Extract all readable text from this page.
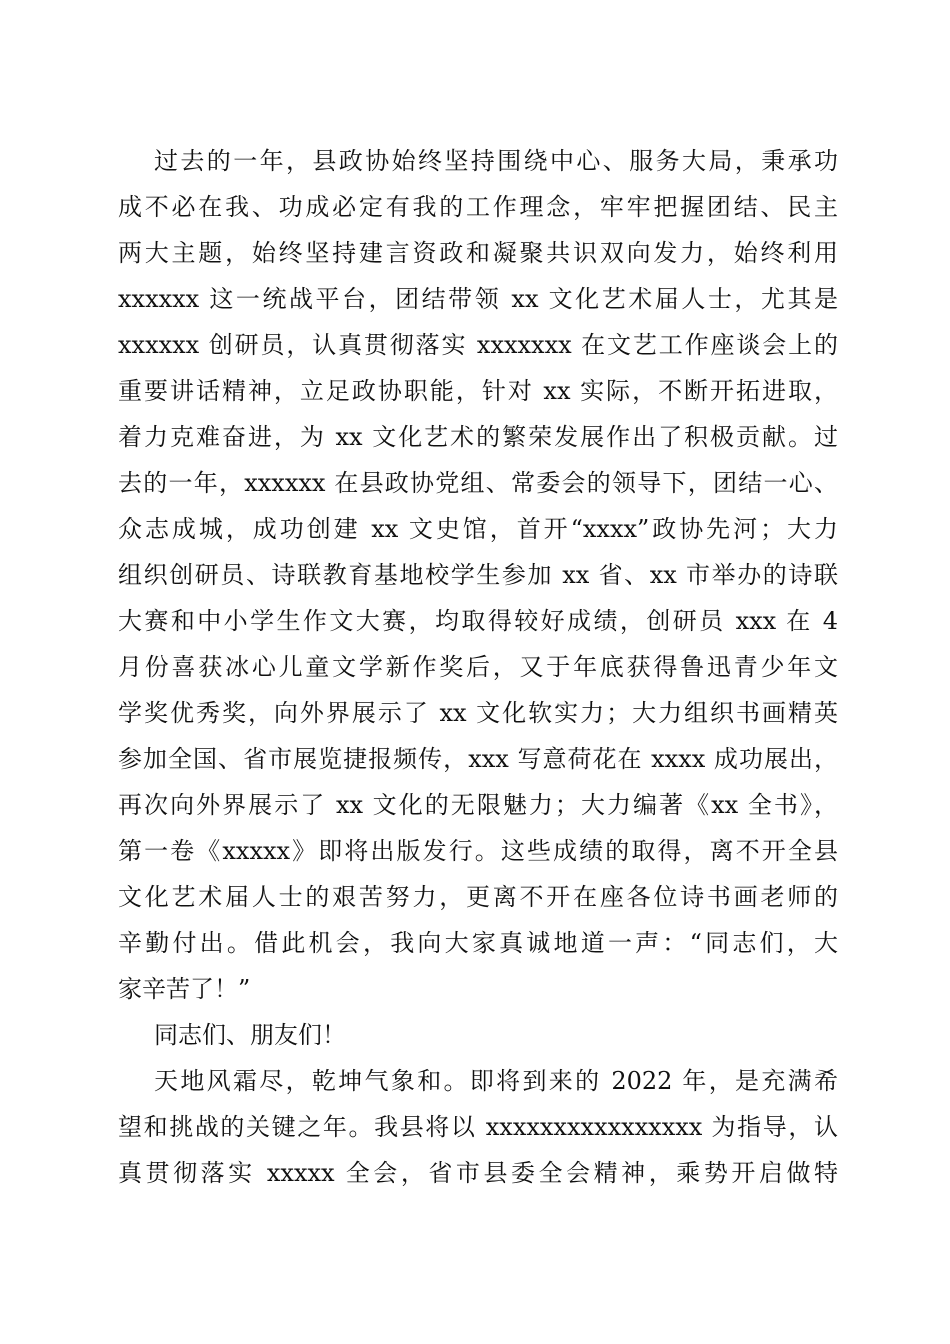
过去的一年，县政协始终坚持围绕中心、服务大局，秉承功
成不必在我、功成必定有我的工作理念，牢牢把握团结、民主
两大主题，始终坚持建言资政和凝聚共识双向发力，始终利用
xxxxxx 这一统战平台，团结带领 xx 文化艺术届人士，尤其是
xxxxxx 创研员，认真贯彻落实 xxxxxxx 在文艺工作座谈会上的
重要讲话精神，立足政协职能，针对 xx 实际，不断开拓进取，
着力克难奋进，为 xx 文化艺术的繁荣发展作出了积极贡献。过
去的一年，xxxxxx 在县政协党组、常委会的领导下，团结一心、
众志成城，成功创建 xx 文史馆，首开“xxxx”政协先河；大力
组织创研员、诗联教育基地校学生参加 xx 省、xx 市举办的诗联
大赛和中小学生作文大赛，均取得较好成绩，创研员 xxx 在 4
月份喜获冰心儿童文学新作奖后，又于年底获得鲁迅青少年文
学奖优秀奖，向外界展示了 xx 文化软实力；大力组织书画精英
参加全国、省市展览捷报频传，xxx 写意荷花在 xxxx 成功展出，
再次向外界展示了 xx 文化的无限魅力；大力编著《xx 全书》，
第一卷《xxxxx》即将出版发行。这些成绩的取得，离不开全县
文化艺术届人士的艰苦努力，更离不开在座各位诗书画老师的
辛勤付出。借此机会，我向大家真诚地道一声：“同志们，大
家辛苦了！”
同志们、朋友们！
天地风霜尽，乾坤气象和。即将到来的 2022 年，是充满希
望和挑战的关键之年。我县将以 xxxxxxxxxxxxxxxx 为指导，认
真贯彻落实 xxxxx 全会，省市县委全会精神，乘势开启做特
